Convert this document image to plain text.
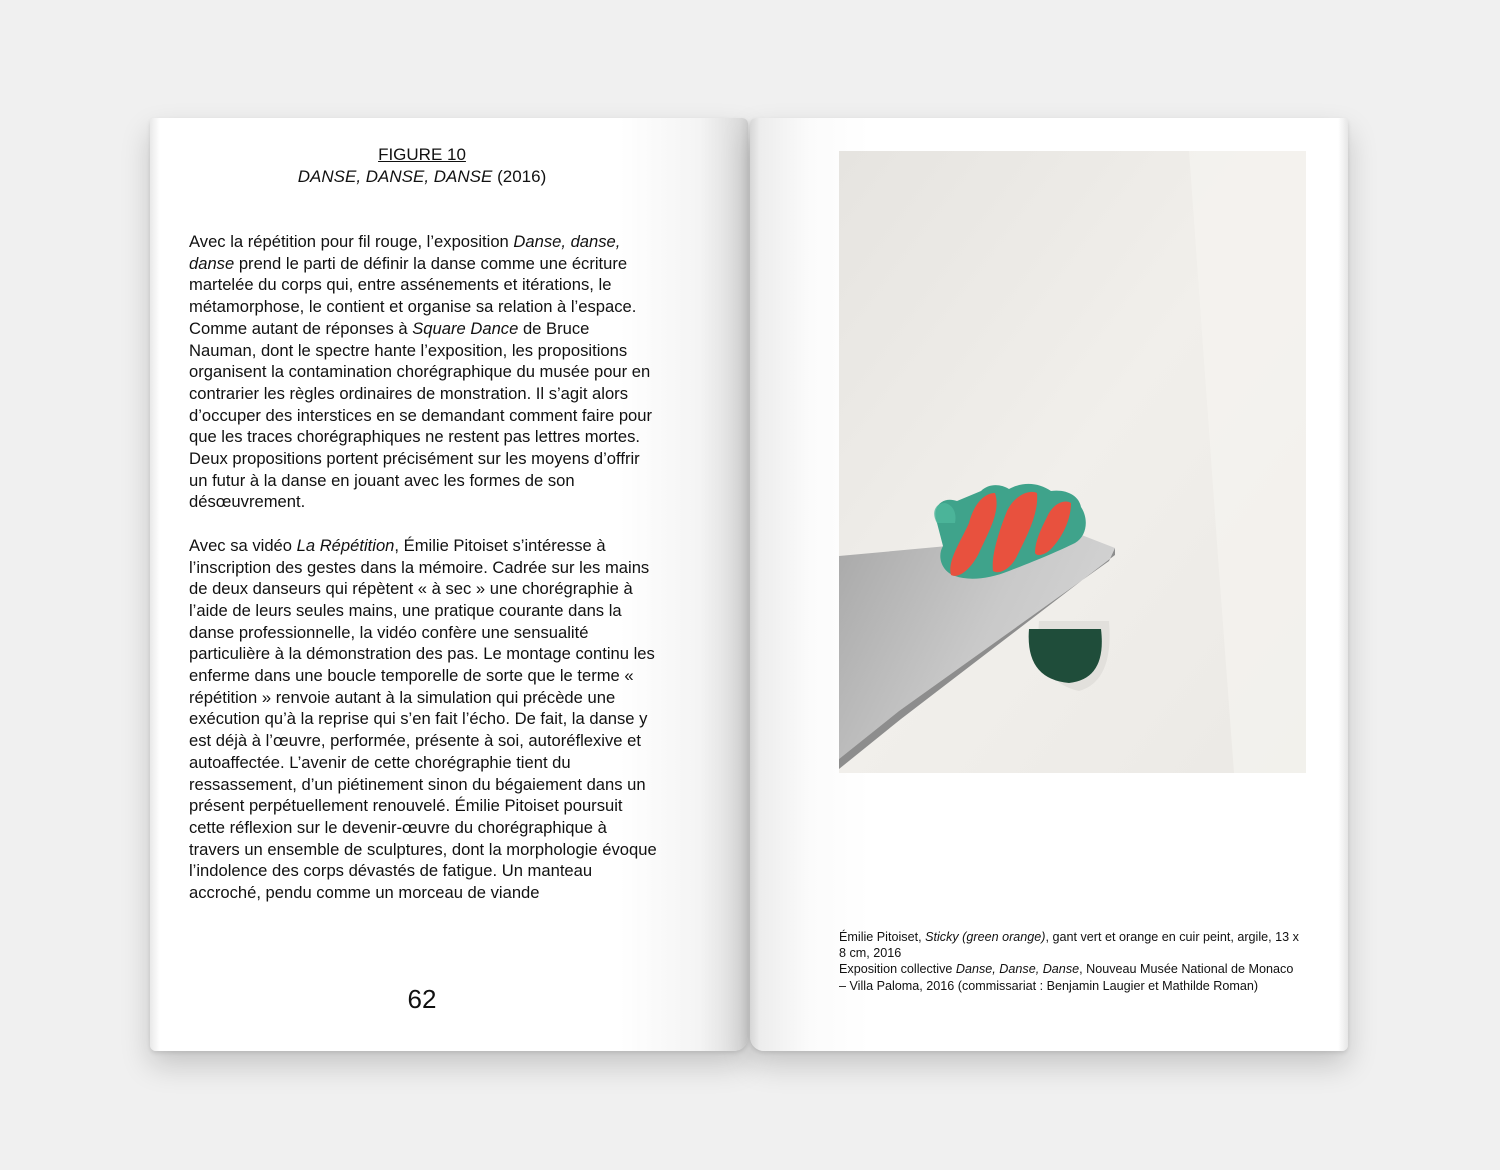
FIGURE 10
DANSE, DANSE, DANSE (2016)

Avec la répétition pour fil rouge, l’exposition Danse, danse, danse prend le parti de définir la danse comme une écriture martelée du corps qui, entre assénements et itérations, le métamorphose, le contient et organise sa relation à l’espace. Comme autant de réponses à Square Dance de Bruce Nauman, dont le spectre hante l’exposition, les propositions organisent la contamination chorégraphique du musée pour en contrarier les règles ordinaires de monstration. Il s’agit alors d’occuper des interstices en se demandant comment faire pour que les traces chorégraphiques ne restent pas lettres mortes. Deux propositions portent précisément sur les moyens d’offrir un futur à la danse en jouant avec les formes de son désœuvrement.

Avec sa vidéo La Répétition, Émilie Pitoiset s’intéresse à l’inscription des gestes dans la mémoire. Cadrée sur les mains de deux danseurs qui répètent « à sec » une chorégraphie à l’aide de leurs seules mains, une pratique courante dans la danse professionnelle, la vidéo confère une sensualité particulière à la démonstration des pas. Le montage continu les enferme dans une boucle temporelle de sorte que le terme « répétition » renvoie autant à la simulation qui précède une exécution qu’à la reprise qui s’en fait l’écho. De fait, la danse y est déjà à l’œuvre, performée, présente à soi, autoréflexive et autoaffectée. L’avenir de cette chorégraphie tient du ressassement, d’un piétinement sinon du bégaiement dans un présent perpétuellement renouvelé. Émilie Pitoiset poursuit cette réflexion sur le devenir-œuvre du chorégraphique à travers un ensemble de sculptures, dont la morphologie évoque l’indolence des corps dévastés de fatigue. Un manteau accroché, pendu comme un morceau de viande

62

Émilie Pitoiset, Sticky (green orange), gant vert et orange en cuir peint, argile, 13 x 8 cm, 2016

Exposition collective Danse, Danse, Danse, Nouveau Musée National de Monaco – Villa Paloma, 2016 (commissariat : Benjamin Laugier et Mathilde Roman)
